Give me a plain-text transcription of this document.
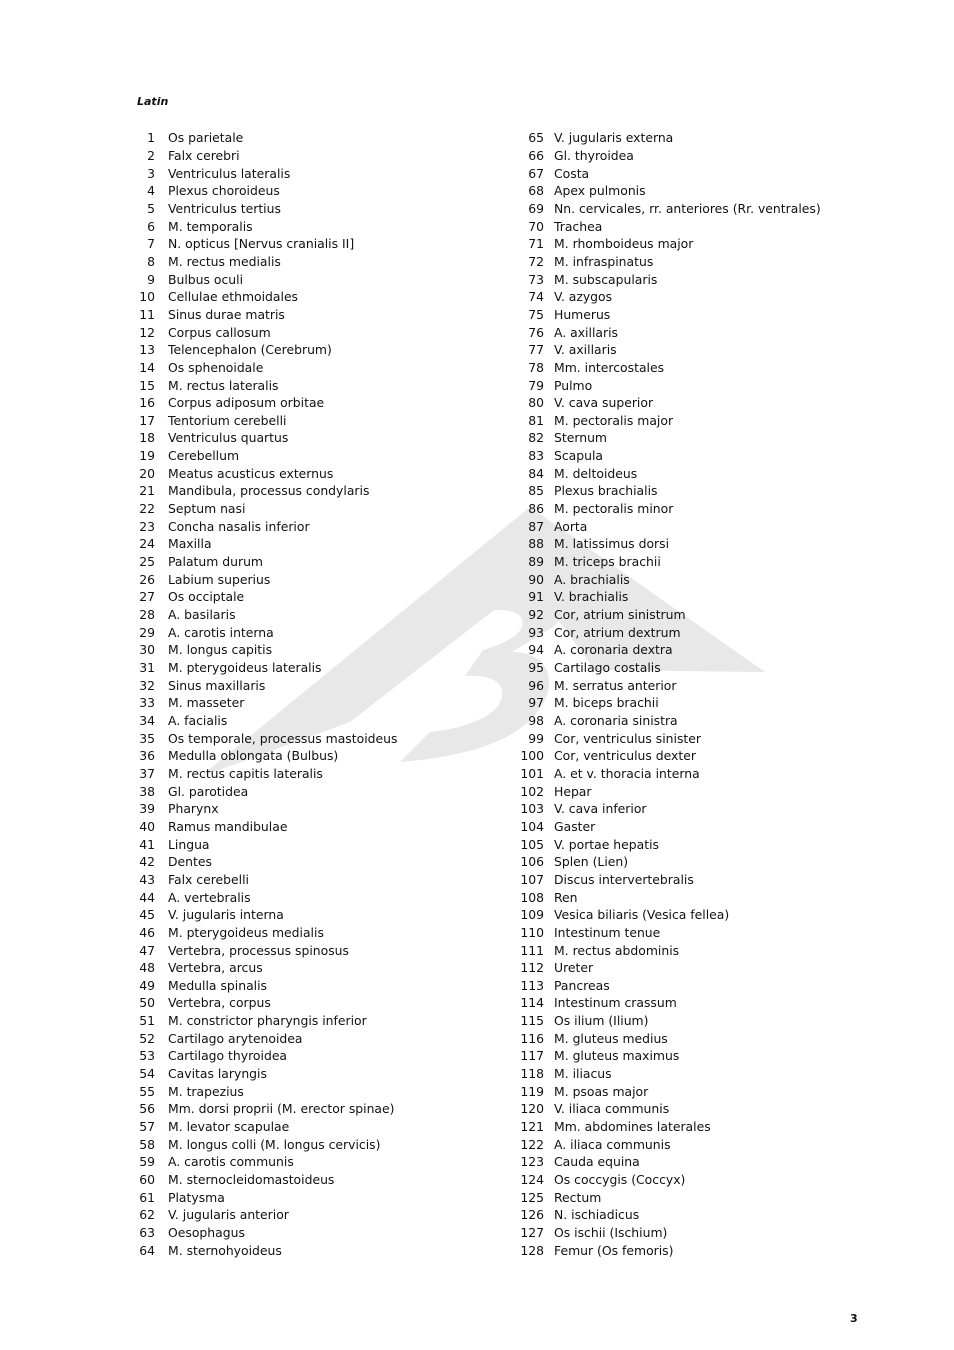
Latin
1	Os parietale
2	Falx cerebri
3	Ventriculus lateralis
4	Plexus choroideus
5	Ventriculus tertius
6	M. temporalis
7	N. opticus [Nervus cranialis II]
8	M. rectus medialis
9	Bulbus oculi
10	Cellulae ethmoidales
11	Sinus durae matris
12	Corpus callosum
13	Telencephalon (Cerebrum)
14	Os sphenoidale
15	M. rectus lateralis
16	Corpus adiposum orbitae
17	Tentorium cerebelli
18	Ventriculus quartus
19	Cerebellum
20	Meatus acusticus externus
21	Mandibula, processus condylaris
22	Septum nasi
23	Concha nasalis inferior
24	Maxilla
25	Palatum durum
26	Labium superius
27	Os occiptale
28	A. basilaris
29	A. carotis interna
30	M. longus capitis
31	M. pterygoideus lateralis
32	Sinus maxillaris
33	M. masseter
34	A. facialis
35	Os temporale, processus mastoideus
36	Medulla oblongata (Bulbus)
37	M. rectus capitis lateralis
38	Gl. parotidea
39	Pharynx
40	Ramus mandibulae
41	Lingua
42	Dentes
43	Falx cerebelli
44	A. vertebralis
45	V. jugularis interna
46	M. pterygoideus medialis
47	Vertebra, processus spinosus
48	Vertebra, arcus
49	Medulla spinalis
50	Vertebra, corpus
51	M. constrictor pharyngis inferior
52	Cartilago arytenoidea
53	Cartilago thyroidea
54	Cavitas laryngis
55	M. trapezius
56	Mm. dorsi proprii (M. erector spinae)
57	M. levator scapulae
58	M. longus colli (M. longus cervicis)
59	A. carotis communis
60	M. sternocleidomastoideus
61	Platysma
62	V. jugularis anterior
63	Oesophagus
64	M. sternohyoideus
65 V. jugularis externa
66 Gl. thyroidea
67 Costa
68 Apex pulmonis
69 Nn. cervicales, rr. anteriores (Rr. ventrales)
70 Trachea
71 M. rhomboideus major
72 M. infraspinatus
73 M. subscapularis
74 V. azygos
75 Humerus
76 A. axillaris
77 V. axillaris
78 Mm. intercostales
79 Pulmo
80 V. cava superior
81 M. pectoralis major
82 Sternum
83 Scapula
84 M. deltoideus
85 Plexus brachialis
86 M. pectoralis minor
87 Aorta
88 M. latissimus dorsi
89 M. triceps brachii
90 A. brachialis
91 V. brachialis
92 Cor, atrium sinistrum
93 Cor, atrium dextrum
94 A. coronaria dextra
95 Cartilago costalis
96 M. serratus anterior
97 M. biceps brachii
98 A. coronaria sinistra
99 Cor, ventriculus sinister
100 Cor, ventriculus dexter
101 A. et v. thoracia interna
102 Hepar
103 V. cava inferior
104 Gaster
105 V. portae hepatis
106 Splen (Lien)
107 Discus intervertebralis
108 Ren
109 Vesica biliaris (Vesica fellea)
110 Intestinum tenue
111 M. rectus abdominis
112 Ureter
113 Pancreas
114 Intestinum crassum
115 Os ilium (Ilium)
116 M. gluteus medius
117 M. gluteus maximus
118 M. iliacus
119 M. psoas major
120 V. iliaca communis
121 Mm. abdomines laterales
122 A. iliaca communis
123 Cauda equina
124 Os coccygis (Coccyx)
125 Rectum
126 N. ischiadicus
127 Os ischii (Ischium)
128 Femur (Os femoris)
3
